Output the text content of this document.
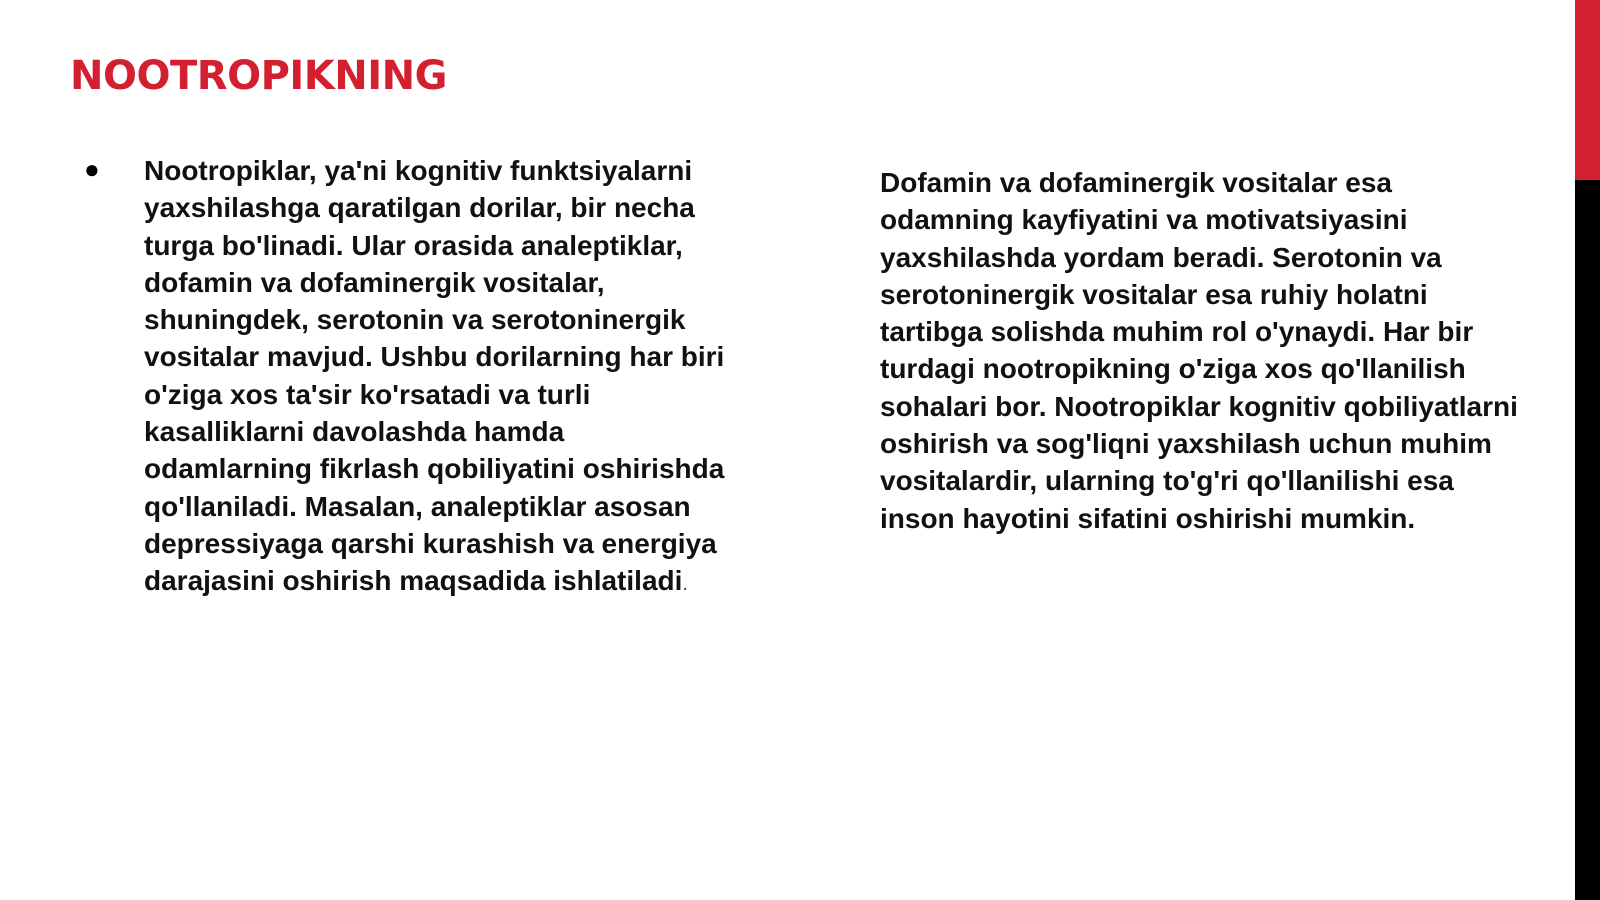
NOOTROPIKNING
● Nootropiklar, ya'ni kognitiv funktsiyalarni yaxshilashga qaratilgan dorilar, bir necha turga bo'linadi. Ular orasida analeptiklar, dofamin va dofaminergik vositalar, shuningdek, serotonin va serotoninergik vositalar mavjud. Ushbu dorilarning har biri o'ziga xos ta'sir ko'rsatadi va turli kasalliklarni davolashda hamda odamlarning fikrlash qobiliyatini oshirishda qo'llaniladi. Masalan, analeptiklar asosan depressiyaga qarshi kurashish va energiya darajasini oshirish maqsadida ishlatiladi.

Dofamin va dofaminergik vositalar esa odamning kayfiyatini va motivatsiyasini yaxshilashda yordam beradi. Serotonin va serotoninergik vositalar esa ruhiy holatni tartibga solishda muhim rol o'ynaydi. Har bir turdagi nootropikning o'ziga xos qo'llanilish sohalari bor. Nootropiklar kognitiv qobiliyatlarni oshirish va sog'liqni yaxshilash uchun muhim vositalardir, ularning to'g'ri qo'llanilishi esa inson hayotini sifatini oshirishi mumkin.
